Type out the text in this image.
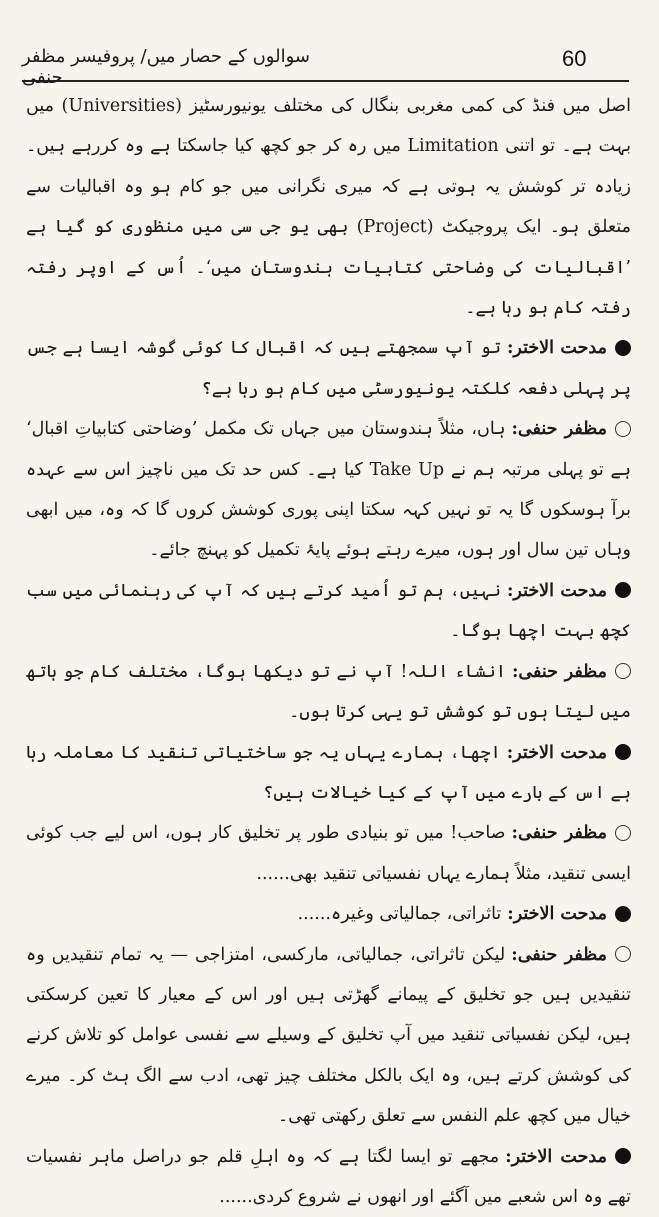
سوالوں کے حصار میں/ پروفیسر مظفر حنفی
60

اصل میں فنڈ کی کمی مغربی بنگال کی مختلف یونیورسٹیز (Universities) میں بہت ہے۔ تو اتنی Limitation میں رہ کر جو کچھ کیا جاسکتا ہے وہ کررہے ہیں۔ زیادہ تر کوشش یہ ہوتی ہے کہ میری نگرانی میں جو کام ہو وہ اقبالیات سے متعلق ہو۔ ایک پروجیکٹ (Project) بھی یو جی سی میں منظوری کو گیا ہے ’اقبالیات کی وضاحتی کتابیات ہندوستان میں‘۔ اُس کے اوپر رفتہ رفتہ کام ہو رہا ہے۔

مدحت الاختر:تو آپ سمجھتے ہیں کہ اقبال کا کوئی گوشہ ایسا ہے جس پر پہلی دفعہ کلکتہ یونیورسٹی میں کام ہو رہا ہے؟

مظفر حنفی:ہاں، مثلاً ہندوستان میں جہاں تک مکمل ’وضاحتی کتابیاتِ اقبال‘ ہے تو پہلی مرتبہ ہم نے Take Up کیا ہے۔ کس حد تک میں ناچیز اس سے عہدہ برآ ہوسکوں گا یہ تو نہیں کہہ سکتا اپنی پوری کوشش کروں گا کہ وہ، میں ابھی وہاں تین سال اور ہوں، میرے رہتے ہوئے پایۂ تکمیل کو پہنچ جائے۔

مدحت الاختر:نہیں، ہم تو اُمید کرتے ہیں کہ آپ کی رہنمائی میں سب کچھ بہت اچھا ہوگا۔

مظفر حنفی:انشاء اللہ! آپ نے تو دیکھا ہوگا، مختلف کام جو ہاتھ میں لیتا ہوں تو کوشش تو یہی کرتا ہوں۔

مدحت الاختر:اچھا، ہمارے یہاں یہ جو ساختیاتی تنقید کا معاملہ رہا ہے اس کے بارے میں آپ کے کیا خیالات ہیں؟

مظفر حنفی:صاحب! میں تو بنیادی طور پر تخلیق کار ہوں، اس لیے جب کوئی ایسی تنقید، مثلاً ہمارے یہاں نفسیاتی تنقید بھی......

مدحت الاختر:تاثراتی، جمالیاتی وغیرہ......

مظفر حنفی:لیکن تاثراتی، جمالیاتی، مارکسی، امتزاجی — یہ تمام تنقیدیں وہ تنقیدیں ہیں جو تخلیق کے پیمانے گھڑتی ہیں اور اس کے معیار کا تعین کرسکتی ہیں، لیکن نفسیاتی تنقید میں آپ تخلیق کے وسیلے سے نفسی عوامل کو تلاش کرنے کی کوشش کرتے ہیں، وہ ایک بالکل مختلف چیز تھی، ادب سے الگ ہٹ کر۔ میرے خیال میں کچھ علم النفس سے تعلق رکھتی تھی۔

مدحت الاختر:مجھے تو ایسا لگتا ہے کہ وہ اہلِ قلم جو دراصل ماہر نفسیات تھے وہ اس شعبے میں آگئے اور انھوں نے شروع کردی......
